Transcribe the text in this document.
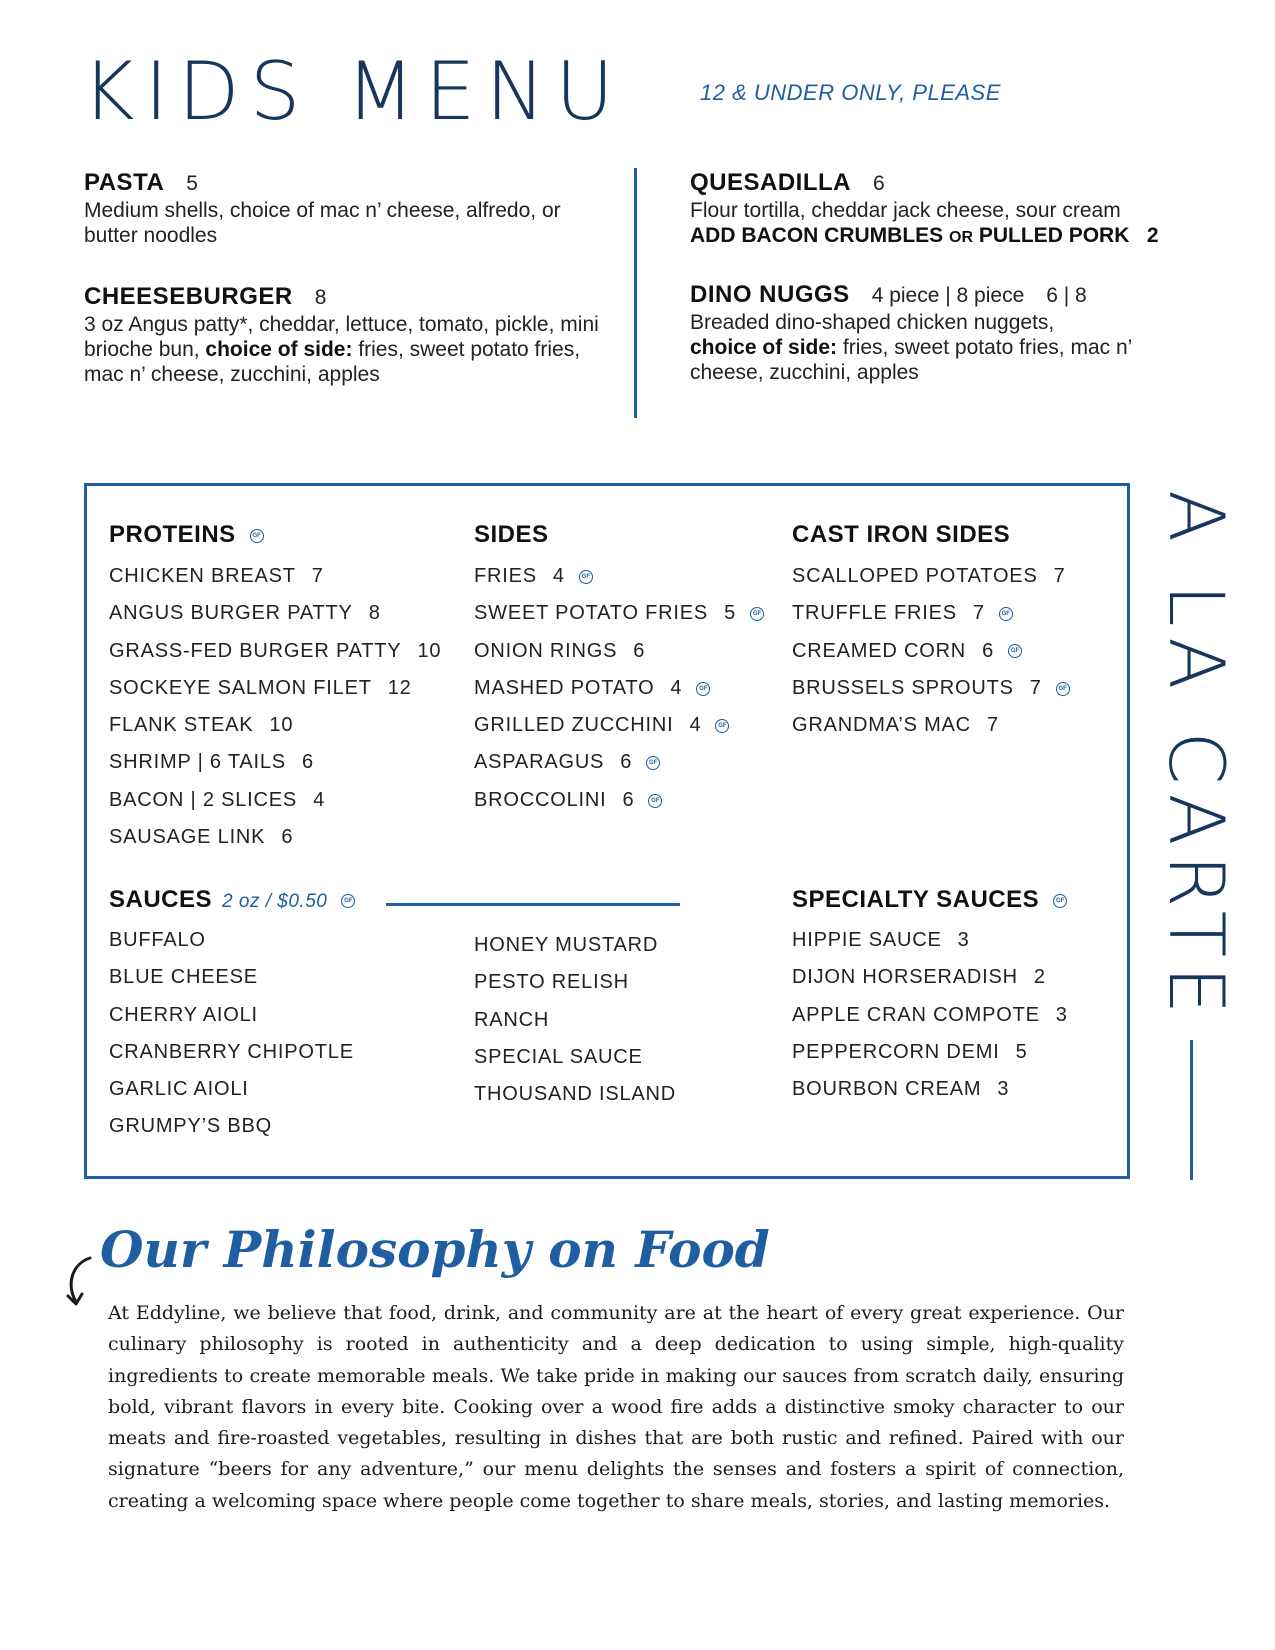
KIDS MENU	12 & UNDER ONLY, PLEASE
PASTA 5
Medium shells, choice of mac n’ cheese, alfredo, or butter noodles
CHEESEBURGER 8
3 oz Angus patty*, cheddar, lettuce, tomato, pickle, mini brioche bun, choice of side: fries, sweet potato fries, mac n’ cheese, zucchini, apples
QUESADILLA 6
Flour tortilla, cheddar jack cheese, sour cream
ADD BACON CRUMBLES OR PULLED PORK 2
DINO NUGGS 4 piece | 8 piece 6 | 8
Breaded dino-shaped chicken nuggets,
choice of side: fries, sweet potato fries, mac n’ cheese, zucchini, apples
PROTEINS	GF
CHICKEN BREAST 7
ANGUS BURGER PATTY 8
GRASS-FED BURGER PATTY 10
SOCKEYE SALMON FILET 12
FLANK STEAK 10
SHRIMP | 6 TAILS 6
BACON | 2 SLICES 4
SAUSAGE LINK 6
SIDES
FRIES 4	GF
SWEET POTATO FRIES 5	GF
ONION RINGS 6
MASHED POTATO 4	GF
GRILLED ZUCCHINI 4	GF
ASPARAGUS 6	GF
BROCCOLINI 6	GF
CAST IRON SIDES
SCALLOPED POTATOES 7
TRUFFLE FRIES 7	GF
CREAMED CORN 6	GF
BRUSSELS SPROUTS 7	GF
GRANDMA’S MAC 7
SAUCES 2 oz / $0.50	GF
BUFFALO
BLUE CHEESE
CHERRY AIOLI
CRANBERRY CHIPOTLE
GARLIC AIOLI
GRUMPY’S BBQ
HONEY MUSTARD
PESTO RELISH
RANCH
SPECIAL SAUCE
THOUSAND ISLAND
SPECIALTY SAUCES	GF
HIPPIE SAUCE 3
DIJON HORSERADISH 2
APPLE CRAN COMPOTE 3
PEPPERCORN DEMI 5
BOURBON CREAM 3
A LA CARTE
Our Philosophy on Food
At Eddyline, we believe that food, drink, and community are at the heart of every great experience. Our culinary philosophy is rooted in authenticity and a deep dedication to using simple, high-quality ingredients to create memorable meals. We take pride in making our sauces from scratch daily, ensuring bold, vibrant flavors in every bite. Cooking over a wood fire adds a distinctive smoky character to our meats and fire-roasted vegetables, resulting in dishes that are both rustic and refined. Paired with our signature “beers for any adventure,” our menu delights the senses and fosters a spirit of connection, creating a welcoming space where people come together to share meals, stories, and lasting memories.
